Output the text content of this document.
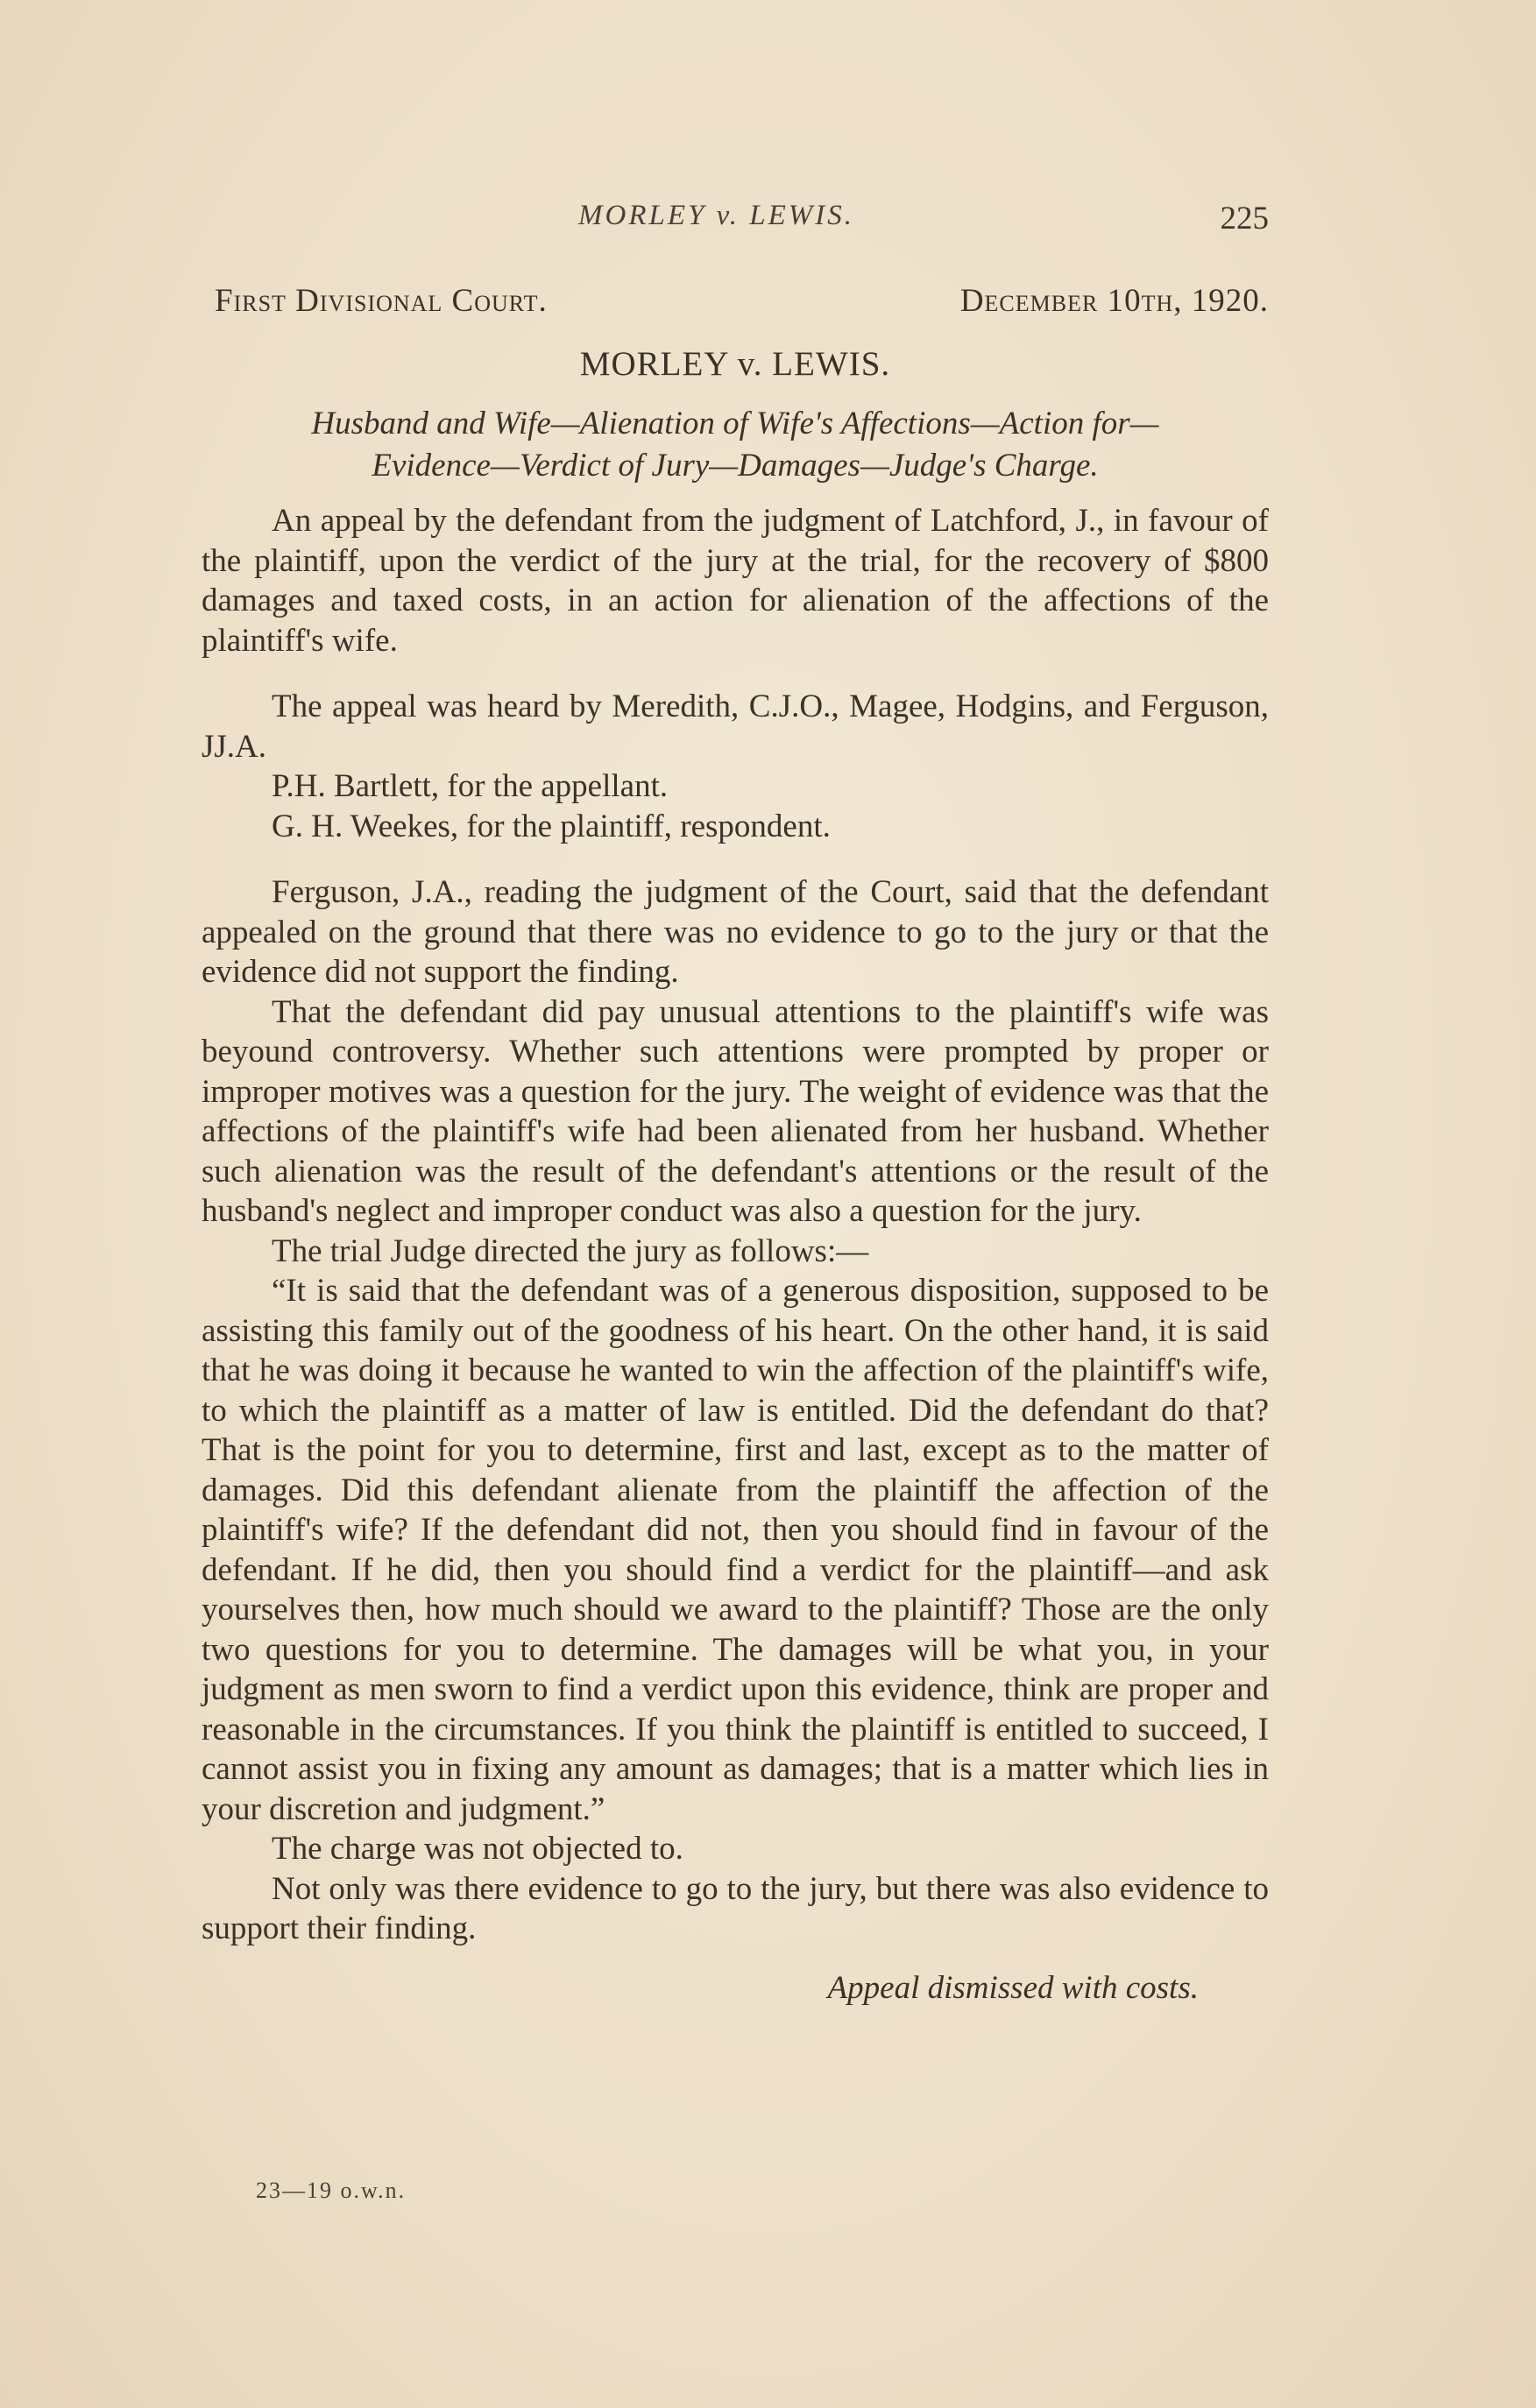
MORLEY v. LEWIS.	225
First Divisional Court.	December 10th, 1920.
MORLEY v. LEWIS.
Husband and Wife—Alienation of Wife's Affections—Action for—
Evidence—Verdict of Jury—Damages—Judge's Charge.

An appeal by the defendant from the judgment of Latchford, J., in favour of the plaintiff, upon the verdict of the jury at the trial, for the recovery of $800 damages and taxed costs, in an action for alienation of the affections of the plaintiff's wife.

The appeal was heard by Meredith, C.J.O., Magee, Hodgins, and Ferguson, JJ.A.

P.H. Bartlett, for the appellant.

G. H. Weekes, for the plaintiff, respondent.

Ferguson, J.A., reading the judgment of the Court, said that the defendant appealed on the ground that there was no evidence to go to the jury or that the evidence did not support the finding.

That the defendant did pay unusual attentions to the plaintiff's wife was beyound controversy. Whether such attentions were prompted by proper or improper motives was a question for the jury. The weight of evidence was that the affections of the plaintiff's wife had been alienated from her husband. Whether such alienation was the result of the defendant's attentions or the result of the husband's neglect and improper conduct was also a question for the jury.

The trial Judge directed the jury as follows:—

“It is said that the defendant was of a generous disposition, supposed to be assisting this family out of the goodness of his heart. On the other hand, it is said that he was doing it because he wanted to win the affection of the plaintiff's wife, to which the plaintiff as a matter of law is entitled. Did the defendant do that? That is the point for you to determine, first and last, except as to the matter of damages. Did this defendant alienate from the plaintiff the affection of the plaintiff's wife? If the defendant did not, then you should find in favour of the defendant. If he did, then you should find a verdict for the plaintiff—and ask yourselves then, how much should we award to the plaintiff? Those are the only two questions for you to determine. The damages will be what you, in your judgment as men sworn to find a verdict upon this evidence, think are proper and reasonable in the circumstances. If you think the plaintiff is entitled to succeed, I cannot assist you in fixing any amount as damages; that is a matter which lies in your discretion and judgment.”

The charge was not objected to.

Not only was there evidence to go to the jury, but there was also evidence to support their finding.

Appeal dismissed with costs.

23—19 o.w.n.
